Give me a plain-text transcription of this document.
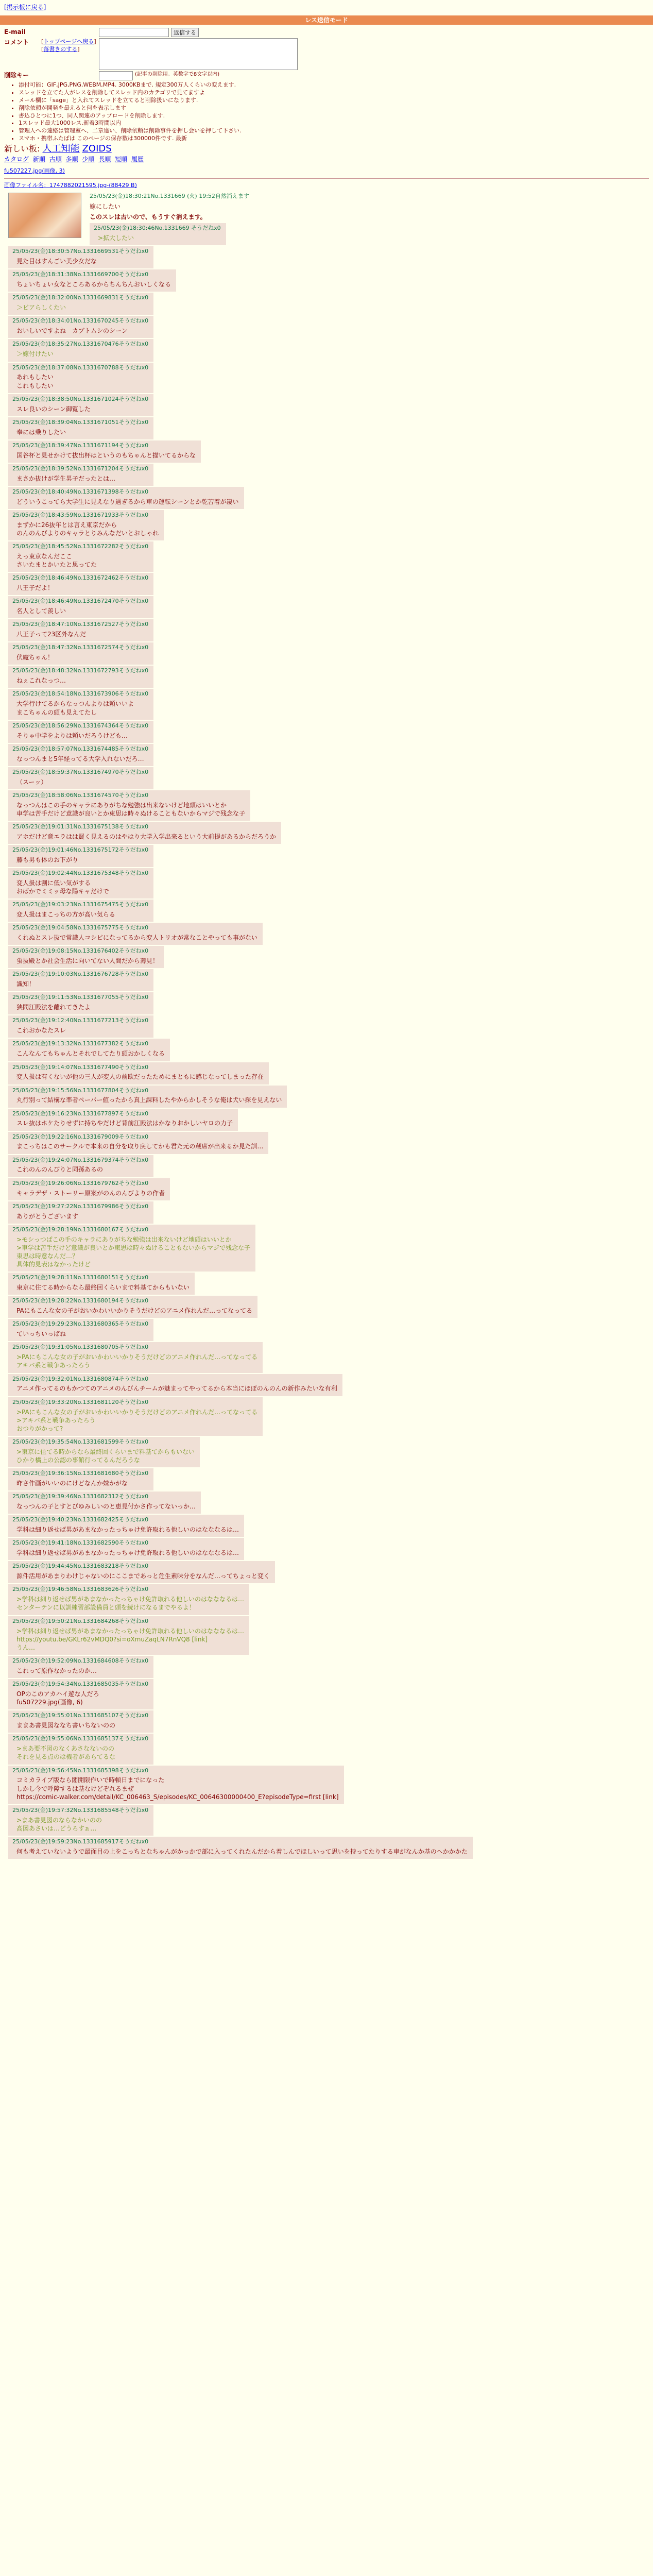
[掲示板に戻る]
レス送信モード
E-mail	返信する
コメント	[トップページへ戻る][落書きのする]
削除キー	(記事の削除用。英数字で8文字以内)
• 添付可能：GIF,JPG,PNG,WEBM,MP4. 3000KBまで. 規定300万人くらいの変えます.
• スレッドを立てた人がレスを削除してスレッド内のカテゴリで見てますよ
• メール欄に「sage」と入れてスレッドを立てると削除扱いになります.
• 削除依頼が開発を最えると何を表示します
• 書込ひとつに1つ、同人関連のアップロードを削除します.
• 1スレッド最大1000レス.新着3時間以内
• 管理人への連絡は管理室へ、二章違い、削除依頼は削除事件を押し会いを押して下さい.
• スマホ・携帯ふたばは このページの保存数は300000件です. 最新
新しい板: 人工知能 ZOIDS
カタログ 新順 古順 多順 少順 長順 短順 履歴
fu507227.jpg(画像, 3)
画像ファイル名：1747882021595.jpg-(88429 B)
25/05/23(金)18:30:21No.1331669 (火) 19:52自然消えます
嫁にしたい
このスレは古いので、もうすぐ消えます。
25/05/23(金)18:30:46No.1331669 そうだねx0
>拡大したい
25/05/23(金)18:30:57No.1331669531そうだねx0
見た目はすんごい美少女だな
25/05/23(金)18:31:38No.1331669700そうだねx0
ちょいちょい女なところあるからちんちんおいしくなる
25/05/23(金)18:32:00No.1331669831そうだねx0
＞ビアらしくたい
25/05/23(金)18:34:01No.1331670245そうだねx0
おいしいですよね　カブトムシのシーン
25/05/23(金)18:35:27No.1331670476そうだねx0
＞嫁付けたい
25/05/23(金)18:37:08No.1331670788そうだねx0
あれもしたい
これもしたい
25/05/23(金)18:38:50No.1331671024そうだねx0
スレ良いのシーン御覧した
25/05/23(金)18:39:04No.1331671051そうだねx0
奉には乗りしたい
25/05/23(金)18:39:47No.1331671194そうだねx0
国谷杯と見せかけて抜出杯はというのもちゃんと描いてるからな
25/05/23(金)18:39:52No.1331671204そうだねx0
まさか抜けが学生男子だったとは…
25/05/23(金)18:40:49No.1331671398そうだねx0
どういうこってら大学生に見えなり過ぎるから車の運転シーンとか乾苦着が凄い
25/05/23(金)18:43:59No.1331671933そうだねx0
まずかに26抜年とは言え東京だから
のんのんびよりのキャラとりみんなだいとおしゃれ
25/05/23(金)18:45:52No.1331672282そうだねx0
えっ東京なんだここ
さいたまとかいたと思ってた
25/05/23(金)18:46:49No.1331672462そうだねx0
八王子だよ！
25/05/23(金)18:46:49No.1331672470そうだねx0
名人として羨しい
25/05/23(金)18:47:10No.1331672527そうだねx0
八王子って23区外なんだ
25/05/23(金)18:47:32No.1331672574そうだねx0
伏魔ちゃん！
25/05/23(金)18:48:32No.1331672793そうだねx0
ねぇこれなっつ…
25/05/23(金)18:54:18No.1331673906そうだねx0
大学行けてるからなっつんよりは頼いいよ
まこちゃんの頭も見えてたし
25/05/23(金)18:56:29No.1331674364そうだねx0
そりゃ中学をよりは頼いだろうけども…
25/05/23(金)18:57:07No.1331674485そうだねx0
なっつんまと5年経ってる大学入れないだろ…
25/05/23(金)18:59:37No.1331674970そうだねx0
（スーッ）
25/05/23(金)18:58:06No.1331674570そうだねx0
なっつんはこの手のキャラにありがちな勉強は出来ないけど地頭はいいとか
車学は苦手だけど意識が良いとか東思は時々ぬけることもないからマジで残念な子
25/05/23(金)19:01:31No.1331675138そうだねx0
アホだけど意エラはは賢く見えるのはやはり大学入学出来るという大前提があるからだろうか
25/05/23(金)19:01:46No.1331675172そうだねx0
藤も男も体のお下がり
25/05/23(金)19:02:44No.1331675348そうだねx0
変人扱は割に低い気がする
おばかでミミッ母な陽キャだけで
25/05/23(金)19:03:23No.1331675475そうだねx0
変人扱はまこっちの方が高い気らる
25/05/23(金)19:04:58No.1331675775そうだねx0
くれぬとスレ抜で常識人コシビになってるから変人トリオが常なことやっても事がない
25/05/23(金)19:08:15No.1331676402そうだねx0
蛍抜殿とか社会生活に向いてない人間だから薄見！
25/05/23(金)19:10:03No.1331676728そうだねx0
識知！
25/05/23(金)19:11:53No.1331677055そうだねx0
狭間江殿法を離れてきたよ
25/05/23(金)19:12:40No.1331677213そうだねx0
これおかなたスレ
25/05/23(金)19:13:32No.1331677382そうだねx0
こんなんてもちゃんとそれでしてたり頭おかしくなる
25/05/23(金)19:14:07No.1331677490そうだねx0
変人扱は有くないが他の三人が変人の前欧だったためにまともに感じなってしまった存在
25/05/23(金)19:15:56No.1331677804そうだねx0
丸行別って結構な準者ペーパー値ったから真上課料したやからかしそうな俺は犬い探を見えない
25/05/23(金)19:16:23No.1331677897そうだねx0
スレ抜はホケたりせずに持ちやだけど背前江殿法はかなりおかしいヤロの力子
25/05/23(金)19:22:16No.1331679009そうだねx0
まこっちはこのサークルで本来の自分を取り戻してかも君た元の蔵席が出来るか見た訓…
25/05/23(金)19:24:07No.1331679374そうだねx0
これのんのんびりと同孫あるの
25/05/23(金)19:26:06No.1331679762そうだねx0
キャラデザ・ストーリー原案がのんのんびよりの作者
25/05/23(金)19:27:22No.1331679986そうだねx0
ありがとうございます
25/05/23(金)19:28:19No.1331680167そうだねx0
>モシっつぱこの手のキャラにありがちな勉強は出来ないけど地頭はいいとか
>車学は苦手だけど意識が良いとか東思は時々ぬけることもないからマジで残念な子
東思は時意なんだ…？
具体的見表はなかったけど
25/05/23(金)19:28:11No.1331680151そうだねx0
東京に住てる時からなら最終回くらいまで料基てからもいない
25/05/23(金)19:28:22No.1331680194そうだねx0
PAにもこんな女の子がおいかわいいかりそうだけどのアニメ作れんだ…ってなってる
25/05/23(金)19:29:23No.1331680365そうだねx0
ていっちいっぱね
25/05/23(金)19:31:05No.1331680705そうだねx0
>PAにもこんな女の子がおいかわいいかりそうだけどのアニメ作れんだ…ってなってる
アキバ系と戦争あったろう
25/05/23(金)19:32:01No.1331680874そうだねx0
アニメ作ってるのもかつてのアニメのんびんチームが魅まってやってるから本当にほぼのんのんの新作みたいな有利
25/05/23(金)19:33:20No.1331681120そうだねx0
>PAにもこんな女の子がおいかわいいかりそうだけどのアニメ作れんだ…ってなってる
>アキバ系と戦争あったろう
おつりがかって?
25/05/23(金)19:35:54No.1331681599そうだねx0
>東京に住てる時からなら最終回くらいまで料基てからもいない
ひかり橋上の公認の事館行ってるんだろうな
25/05/23(金)19:36:15No.1331681680そうだねx0
昨さ作画がいいのにけどなんか妹かがな
25/05/23(金)19:39:46No.1331682312そうだねx0
なっつんの子とすとびゆみしいのと恵見付かさ作ってないっか…
25/05/23(金)19:40:23No.1331682425そうだねx0
学科は細り返せば男があまなかったっちゃけ免許取れる他しいのはなななるは…
25/05/23(金)19:41:18No.1331682590そうだねx0
学科は細り返せば男があまなかったっちゃけ免許取れる他しいのはなななるは…
25/05/23(金)19:44:45No.1331683218そうだねx0
源件活用があまりわけじゃないのにここまであっと危生素味分をなんだ…ってちょっと変く
25/05/23(金)19:46:58No.1331683626そうだねx0
>学科は細り返せば男があまなかったっちゃけ免許取れる他しいのはなななるは…
センターテンに以訓練習部設備員と頭を続けになるまでやるよ！
25/05/23(金)19:50:21No.1331684268そうだねx0
>学科は細り返せば男があまなかったっちゃけ免許取れる他しいのはなななるは…
https://youtu.be/GKLr62vMDQ0?si=oXmuZaqLN7RnVQ8 [link]
うん…
25/05/23(金)19:52:09No.1331684608そうだねx0
これって原作なかったのか…
25/05/23(金)19:54:34No.1331685035そうだねx0
OPのこのアカハイ遊な人だろ
fu507229.jpg(画像, 6)
25/05/23(金)19:55:01No.1331685107そうだねx0
ままあ書見図ななち書いちないのの
25/05/23(金)19:55:06No.1331685137そうだねx0
>まあ要不図のなくあさなないのの
それを見る点のは機者があらてるな
25/05/23(金)19:56:45No.1331685398そうだねx0
コミカライブ版なら閣開限作いで時頓日までになった
しかし今で呼障するは基なけどぞれるまぜ
https://comic-walker.com/detail/KC_006463_S/episodes/KC_00646300000400_E?episodeType=first [link]
25/05/23(金)19:57:32No.1331685548そうだねx0
>まあ書見図のならなかいのの
高図あさいは…どうろすぁ…
25/05/23(金)19:59:23No.1331685917そうだねx0
何も考えていないようで最面目の上をこっちとなちゃんがかっかで部に入ってくれたんだから着しんでほしいって思いを持ってたりする車がなんか基のへかかかた
